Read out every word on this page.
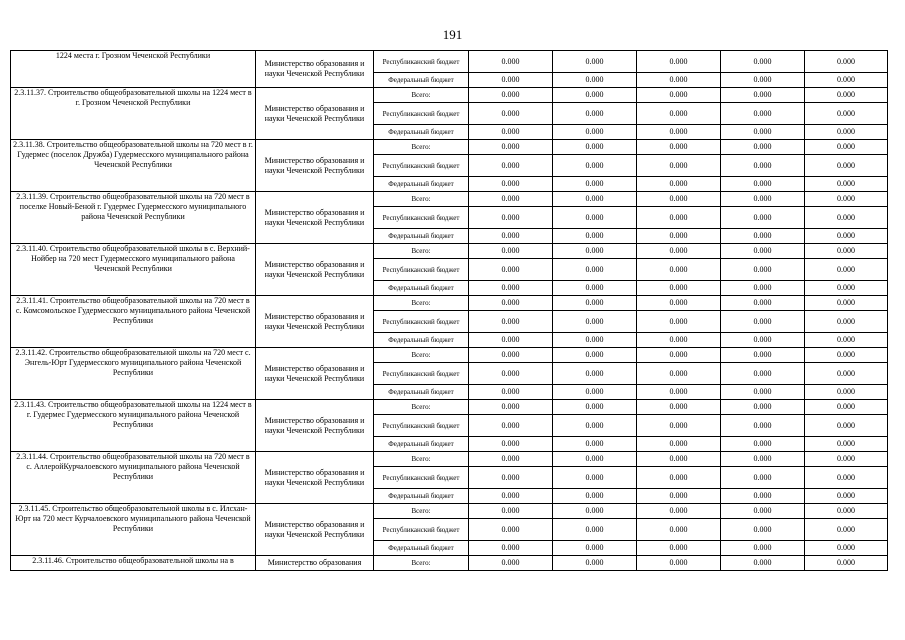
191
1224 места г. Грозном Чеченской Республики	Министерство образования и науки Чеченской Республики	Республиканский бюджет	0.000	0.000	0.000	0.000	0.000
		Федеральный бюджет	0.000	0.000	0.000	0.000	0.000
2.3.11.37. Строительство общеобразовательной школы на 1224 мест в г. Грозном Чеченской Республики	Министерство образования и науки Чеченской Республики	Всего:	0.000	0.000	0.000	0.000	0.000
		Республиканский бюджет	0.000	0.000	0.000	0.000	0.000
		Федеральный бюджет	0.000	0.000	0.000	0.000	0.000
2.3.11.38. Строительство общеобразовательной школы на 720 мест в г. Гудермес (поселок Дружба) Гудермесского муниципального района Чеченской Республики	Министерство образования и науки Чеченской Республики	Всего:	0.000	0.000	0.000	0.000	0.000
		Республиканский бюджет	0.000	0.000	0.000	0.000	0.000
		Федеральный бюджет	0.000	0.000	0.000	0.000	0.000
2.3.11.39. Строительство общеобразовательной школы на 720 мест в поселке Новый-Беной г. Гудермес Гудермесского муниципального района Чеченской Республики	Министерство образования и науки Чеченской Республики	Всего:	0.000	0.000	0.000	0.000	0.000
		Республиканский бюджет	0.000	0.000	0.000	0.000	0.000
		Федеральный бюджет	0.000	0.000	0.000	0.000	0.000
2.3.11.40. Строительство общеобразовательной школы в с. Верхний-Нойбер на 720 мест Гудермесского муниципального района Чеченской Республики	Министерство образования и науки Чеченской Республики	Всего:	0.000	0.000	0.000	0.000	0.000
		Республиканский бюджет	0.000	0.000	0.000	0.000	0.000
		Федеральный бюджет	0.000	0.000	0.000	0.000	0.000
2.3.11.41. Строительство общеобразовательной школы на 720 мест в с. Комсомольское Гудермесского муниципального района Чеченской Республики	Министерство образования и науки Чеченской Республики	Всего:	0.000	0.000	0.000	0.000	0.000
		Республиканский бюджет	0.000	0.000	0.000	0.000	0.000
		Федеральный бюджет	0.000	0.000	0.000	0.000	0.000
2.3.11.42. Строительство общеобразовательной школы на 720 мест с. Энгель-Юрт Гудермесского муниципального района Чеченской Республики	Министерство образования и науки Чеченской Республики	Всего:	0.000	0.000	0.000	0.000	0.000
		Республиканский бюджет	0.000	0.000	0.000	0.000	0.000
		Федеральный бюджет	0.000	0.000	0.000	0.000	0.000
2.3.11.43. Строительство общеобразовательной школы на 1224 мест в г. Гудермес Гудермесского муниципального района Чеченской Республики	Министерство образования и науки Чеченской Республики	Всего:	0.000	0.000	0.000	0.000	0.000
		Республиканский бюджет	0.000	0.000	0.000	0.000	0.000
		Федеральный бюджет	0.000	0.000	0.000	0.000	0.000
2.3.11.44. Строительство общеобразовательной школы на 720 мест в с. АллеройКурчалоевского муниципального района Чеченской Республики	Министерство образования и науки Чеченской Республики	Всего:	0.000	0.000	0.000	0.000	0.000
		Республиканский бюджет	0.000	0.000	0.000	0.000	0.000
		Федеральный бюджет	0.000	0.000	0.000	0.000	0.000
2.3.11.45. Строительство общеобразовательной школы в с. Илсхан-Юрт на 720 мест Курчалоевского муниципального района Чеченской Республики	Министерство образования и науки Чеченской Республики	Всего:	0.000	0.000	0.000	0.000	0.000
		Республиканский бюджет	0.000	0.000	0.000	0.000	0.000
		Федеральный бюджет	0.000	0.000	0.000	0.000	0.000
2.3.11.46. Строительство общеобразовательной школы на в	Министерство образования	Всего:	0.000	0.000	0.000	0.000	0.000
